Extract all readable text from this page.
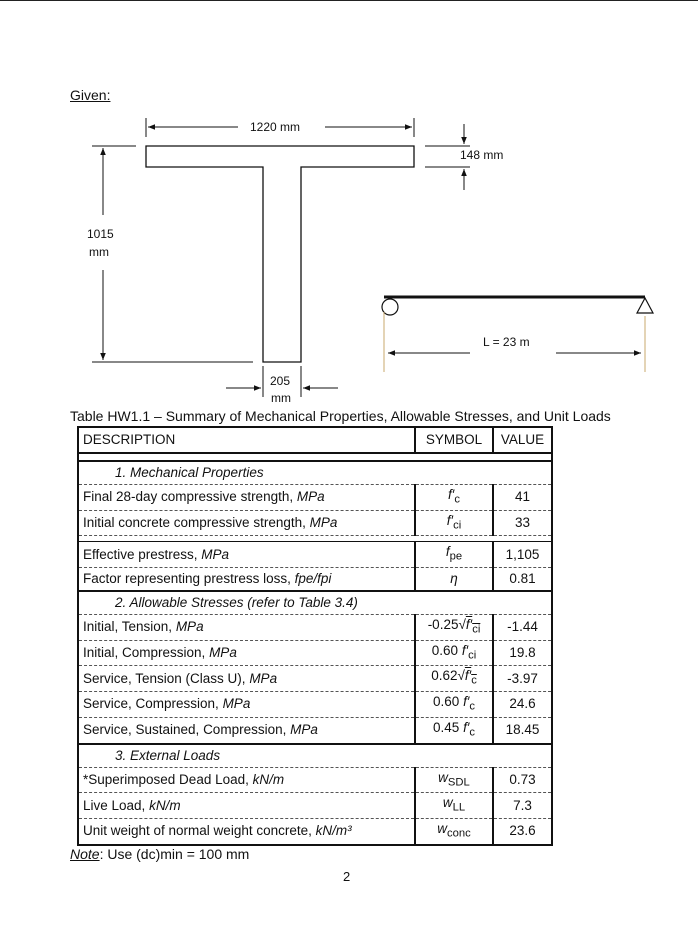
Given:
1220 mm
148 mm
1015
mm
205
mm
L = 23 m
Table HW1.1 – Summary of Mechanical Properties, Allowable Stresses, and Unit Loads
DESCRIPTION	SYMBOL	VALUE

1. Mechanical Properties		
Final 28-day compressive strength, MPa	$f'_c$	41
Initial concrete compressive strength, MPa	$f'_{ci}$	33

Effective prestress, MPa	$f_{pe}$	1,105
Factor representing prestress loss, fpe/fpi	η	0.81
2. Allowable Stresses (refer to Table 3.4)		
Initial, Tension, MPa	$-0.25√f'_{ci}$	-1.44
Initial, Compression, MPa	0.60 $f'_{ci}$	19.8
Service, Tension (Class U), MPa	$0.62√f'_c$	-3.97
Service, Compression, MPa	0.60 $f'_c$	24.6
Service, Sustained, Compression, MPa	0.45 $f'_c$	18.45
3. External Loads		
*Superimposed Dead Load, kN/m	$w_{SDL}$	0.73
Live Load, kN/m	$w_{LL}$	7.3
Unit weight of normal weight concrete, kN/m³	$w_{conc}$	23.6
Note: Use (dc)min = 100 mm
2
